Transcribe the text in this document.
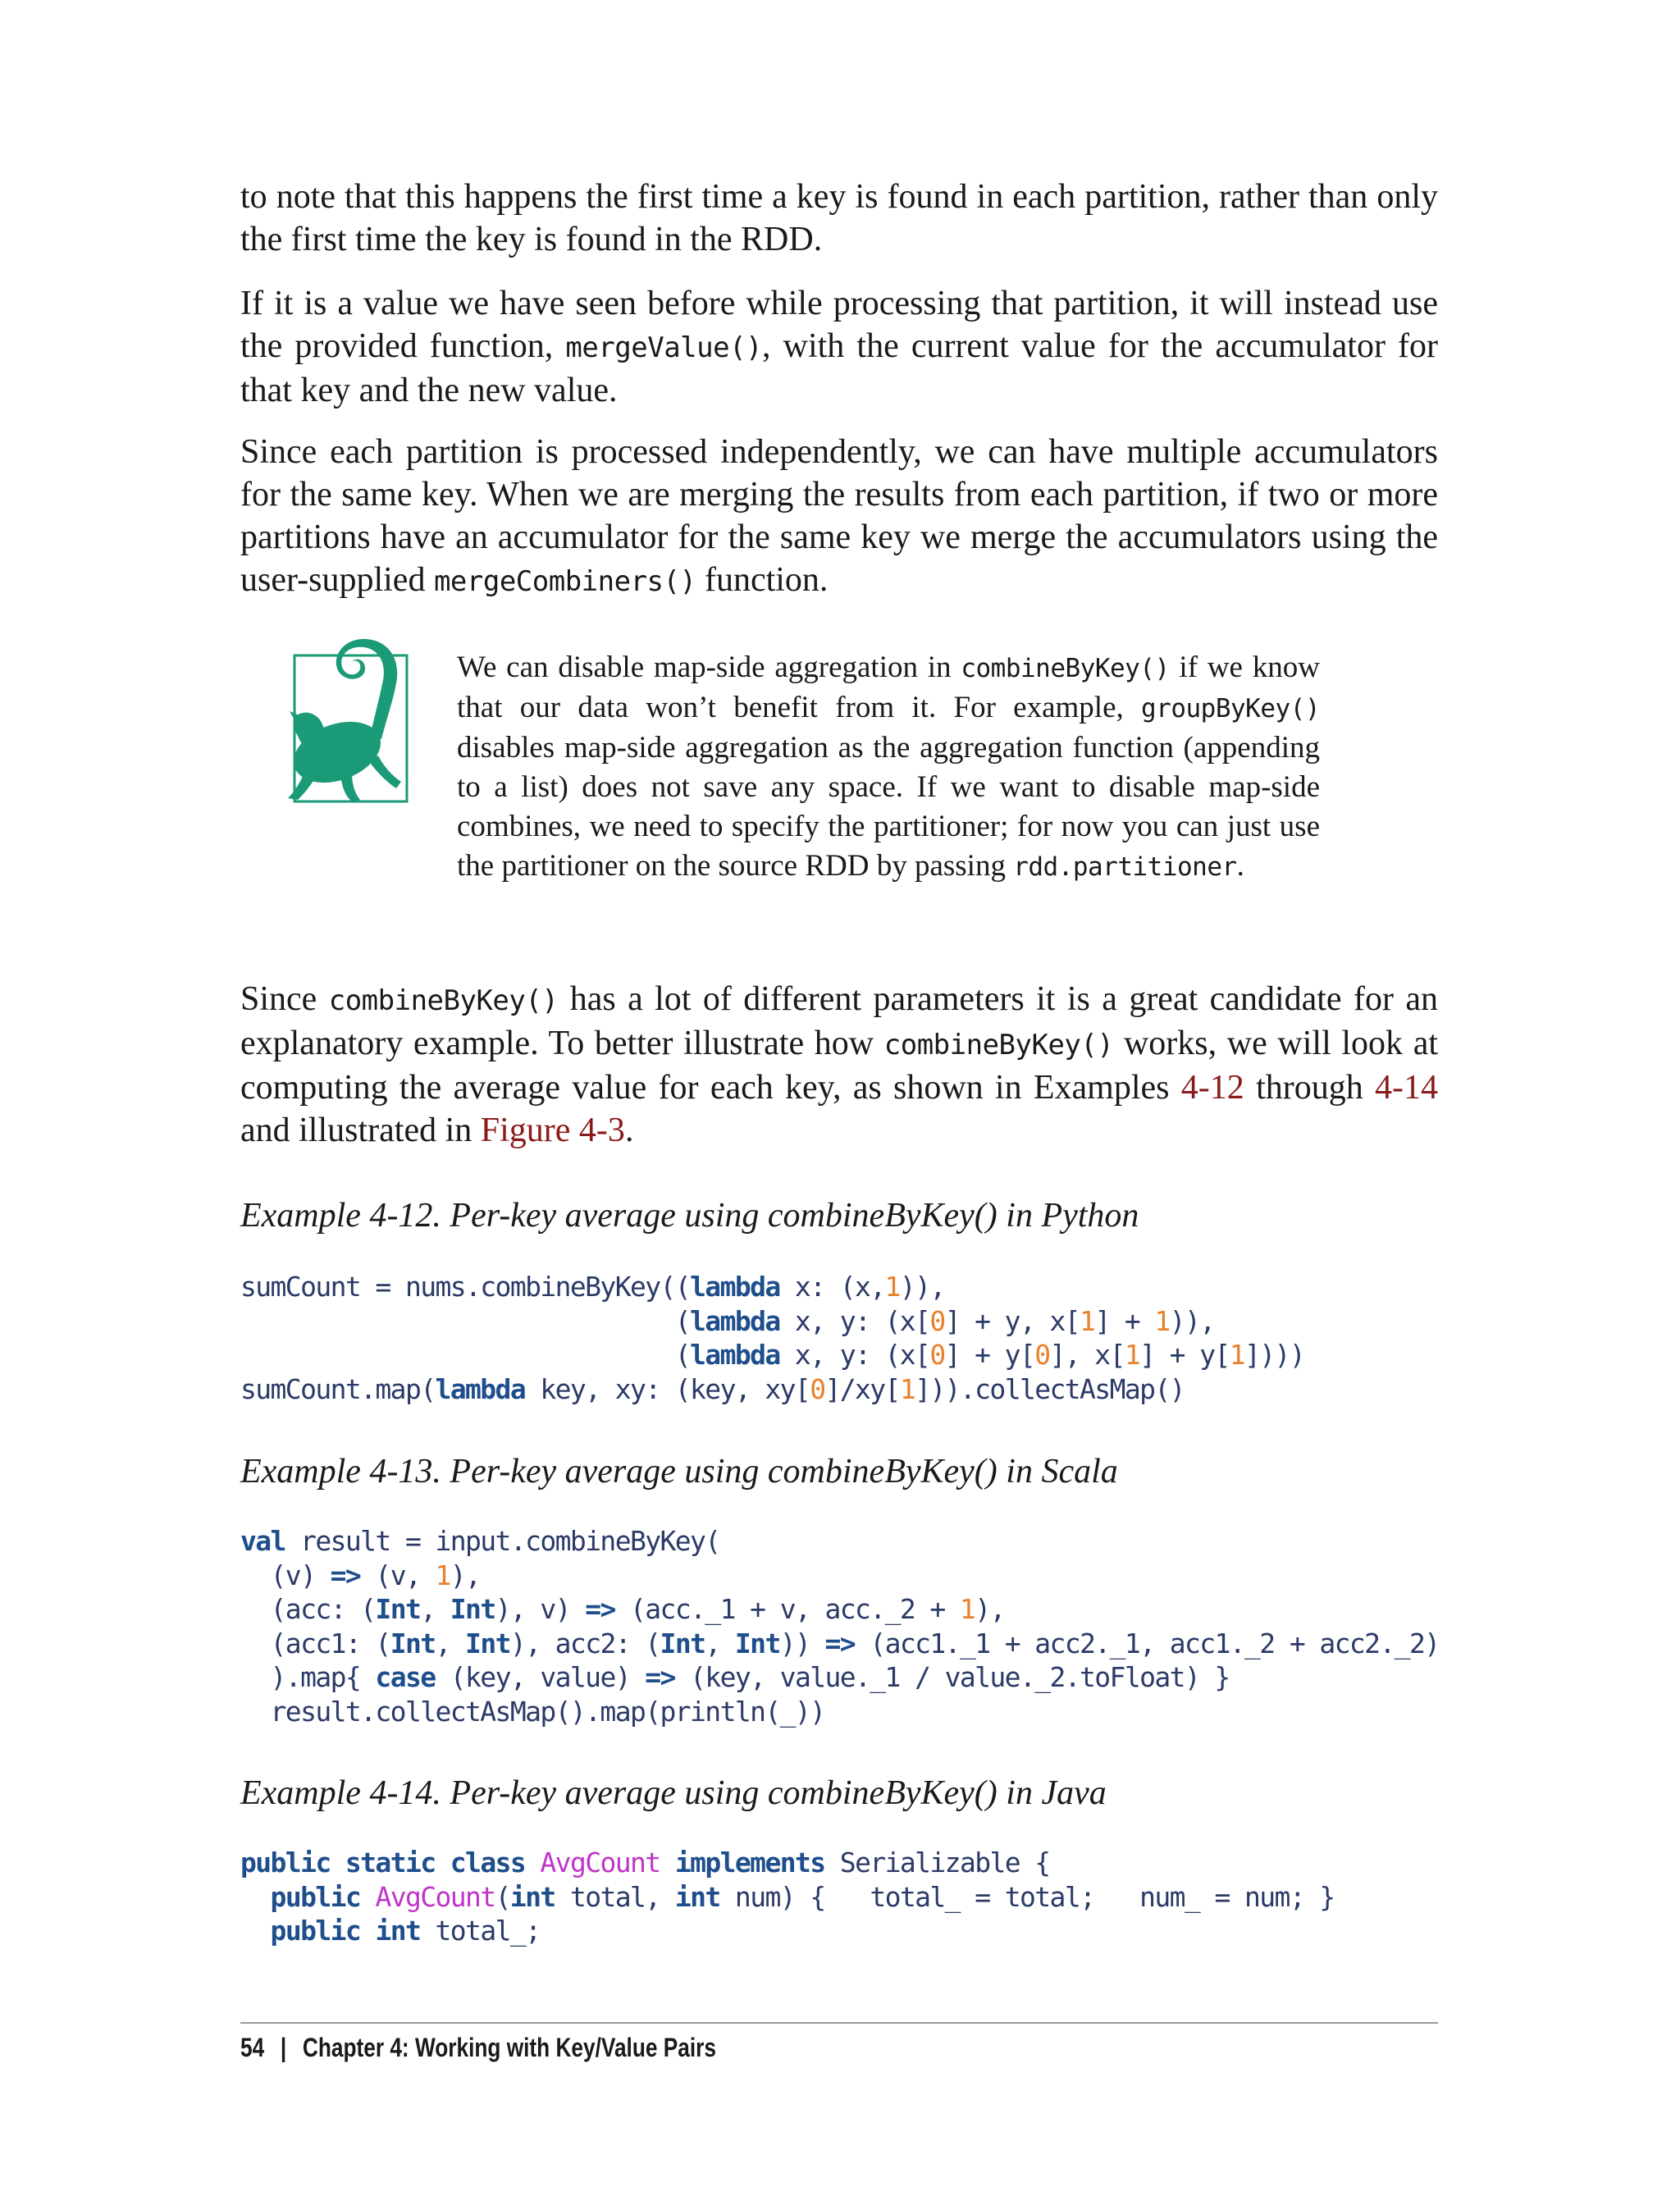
to note that this happens the first time a key is found in each partition, rather than only the first time the key is found in the RDD.

If it is a value we have seen before while processing that partition, it will instead use the provided function, mergeValue(), with the current value for the accumulator for that key and the new value.

Since each partition is processed independently, we can have multiple accumulators for the same key. When we are merging the results from each partition, if two or more partitions have an accumulator for the same key we merge the accumulators using the user-supplied mergeCombiners() function.

Since combineByKey() has a lot of different parameters it is a great candidate for an explanatory example. To better illustrate how combineByKey() works, we will look at computing the average value for each key, as shown in Examples 4-12 through 4-14 and illustrated in Figure 4-3.

Example 4-12. Per-key average using combineByKey() in Python

sumCount = nums.combineByKey((lambda x: (x,1)),
(lambda x, y: (x[0] + y, x[1] + 1)),
(lambda x, y: (x[0] + y[0], x[1] + y[1])))
sumCount.map(lambda key, xy: (key, xy[0]/xy[1])).collectAsMap()

Example 4-13. Per-key average using combineByKey() in Scala

val result = input.combineByKey(
(v) => (v, 1),
(acc: (Int, Int), v) => (acc._1 + v, acc._2 + 1),
(acc1: (Int, Int), acc2: (Int, Int)) => (acc1._1 + acc2._1, acc1._2 + acc2._2)
).map{ case (key, value) => (key, value._1 / value._2.toFloat) }
result.collectAsMap().map(println(_))

Example 4-14. Per-key average using combineByKey() in Java

public static class AvgCount implements Serializable {
public AvgCount(int total, int num) {   total_ = total;   num_ = num; }
public int total_;

We can disable map-side aggregation in combineByKey() if we know that our data won’t benefit from it. For example, groupByKey() disables map-side aggregation as the aggregation function (appending to a list) does not save any space. If we want to disable map-side combines, we need to specify the partitioner; for now you can just use the partitioner on the source RDD by passing rdd.partitioner.

54 | Chapter 4: Working with Key/Value Pairs
